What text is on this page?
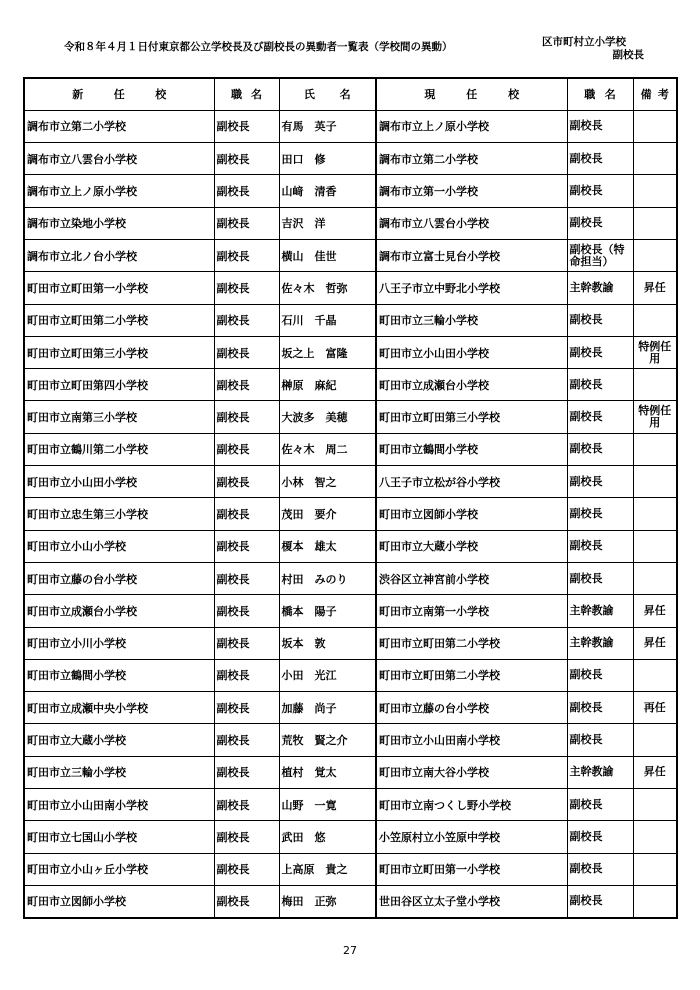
令和８年４月１日付東京都公立学校長及び副校長の異動者一覧表（学校間の異動）	区市町村立小学校
副校長
新 任 校	職 名	氏 名	現 任 校	職 名	備 考

調布市立第二小学校	副校長	有馬　英子	調布市立上ノ原小学校	副校長	
調布市立八雲台小学校	副校長	田口　修	調布市立第二小学校	副校長	
調布市立上ノ原小学校	副校長	山﨑　清香	調布市立第一小学校	副校長	
調布市立染地小学校	副校長	吉沢　洋	調布市立八雲台小学校	副校長	
調布市立北ノ台小学校	副校長	横山　佳世	調布市立富士見台小学校	副校長（特命担当）	
町田市立町田第一小学校	副校長	佐々木　哲弥	八王子市立中野北小学校	主幹教諭	昇任
町田市立町田第二小学校	副校長	石川　千晶	町田市立三輪小学校	副校長	
町田市立町田第三小学校	副校長	坂之上　富隆	町田市立小山田小学校	副校長	特例任用
町田市立町田第四小学校	副校長	榊原　麻紀	町田市立成瀬台小学校	副校長	
町田市立南第三小学校	副校長	大波多　美穂	町田市立町田第三小学校	副校長	特例任用
町田市立鶴川第二小学校	副校長	佐々木　周二	町田市立鶴間小学校	副校長	
町田市立小山田小学校	副校長	小林　智之	八王子市立松が谷小学校	副校長	
町田市立忠生第三小学校	副校長	茂田　要介	町田市立図師小学校	副校長	
町田市立小山小学校	副校長	榎本　雄太	町田市立大蔵小学校	副校長	
町田市立藤の台小学校	副校長	村田　みのり	渋谷区立神宮前小学校	副校長	
町田市立成瀬台小学校	副校長	橋本　陽子	町田市立南第一小学校	主幹教諭	昇任
町田市立小川小学校	副校長	坂本　敦	町田市立町田第二小学校	主幹教諭	昇任
町田市立鶴間小学校	副校長	小田　光江	町田市立町田第二小学校	副校長	
町田市立成瀬中央小学校	副校長	加藤　尚子	町田市立藤の台小学校	副校長	再任
町田市立大蔵小学校	副校長	荒牧　賢之介	町田市立小山田南小学校	副校長	
町田市立三輪小学校	副校長	植村　覚太	町田市立南大谷小学校	主幹教諭	昇任
町田市立小山田南小学校	副校長	山野　一寛	町田市立南つくし野小学校	副校長	
町田市立七国山小学校	副校長	武田　悠	小笠原村立小笠原中学校	副校長	
町田市立小山ヶ丘小学校	副校長	上高原　貴之	町田市立町田第一小学校	副校長	
町田市立図師小学校	副校長	梅田　正弥	世田谷区立太子堂小学校	副校長	
27
